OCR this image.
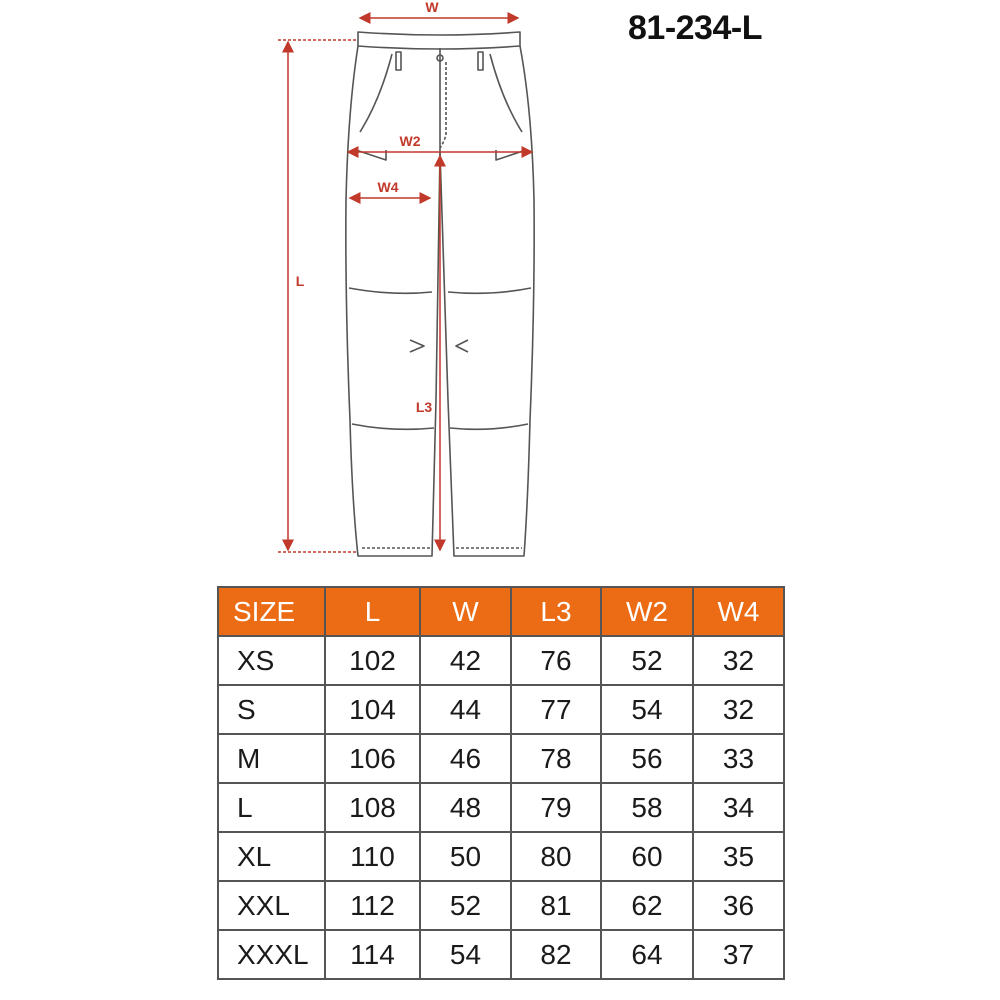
81-234-L
W
W2
W4
L
L3
SIZE	L	W	L3	W2	W4
XS	102	42	76	52	32
S	104	44	77	54	32
M	106	46	78	56	33
L	108	48	79	58	34
XL	110	50	80	60	35
XXL	112	52	81	62	36
XXXL	114	54	82	64	37
